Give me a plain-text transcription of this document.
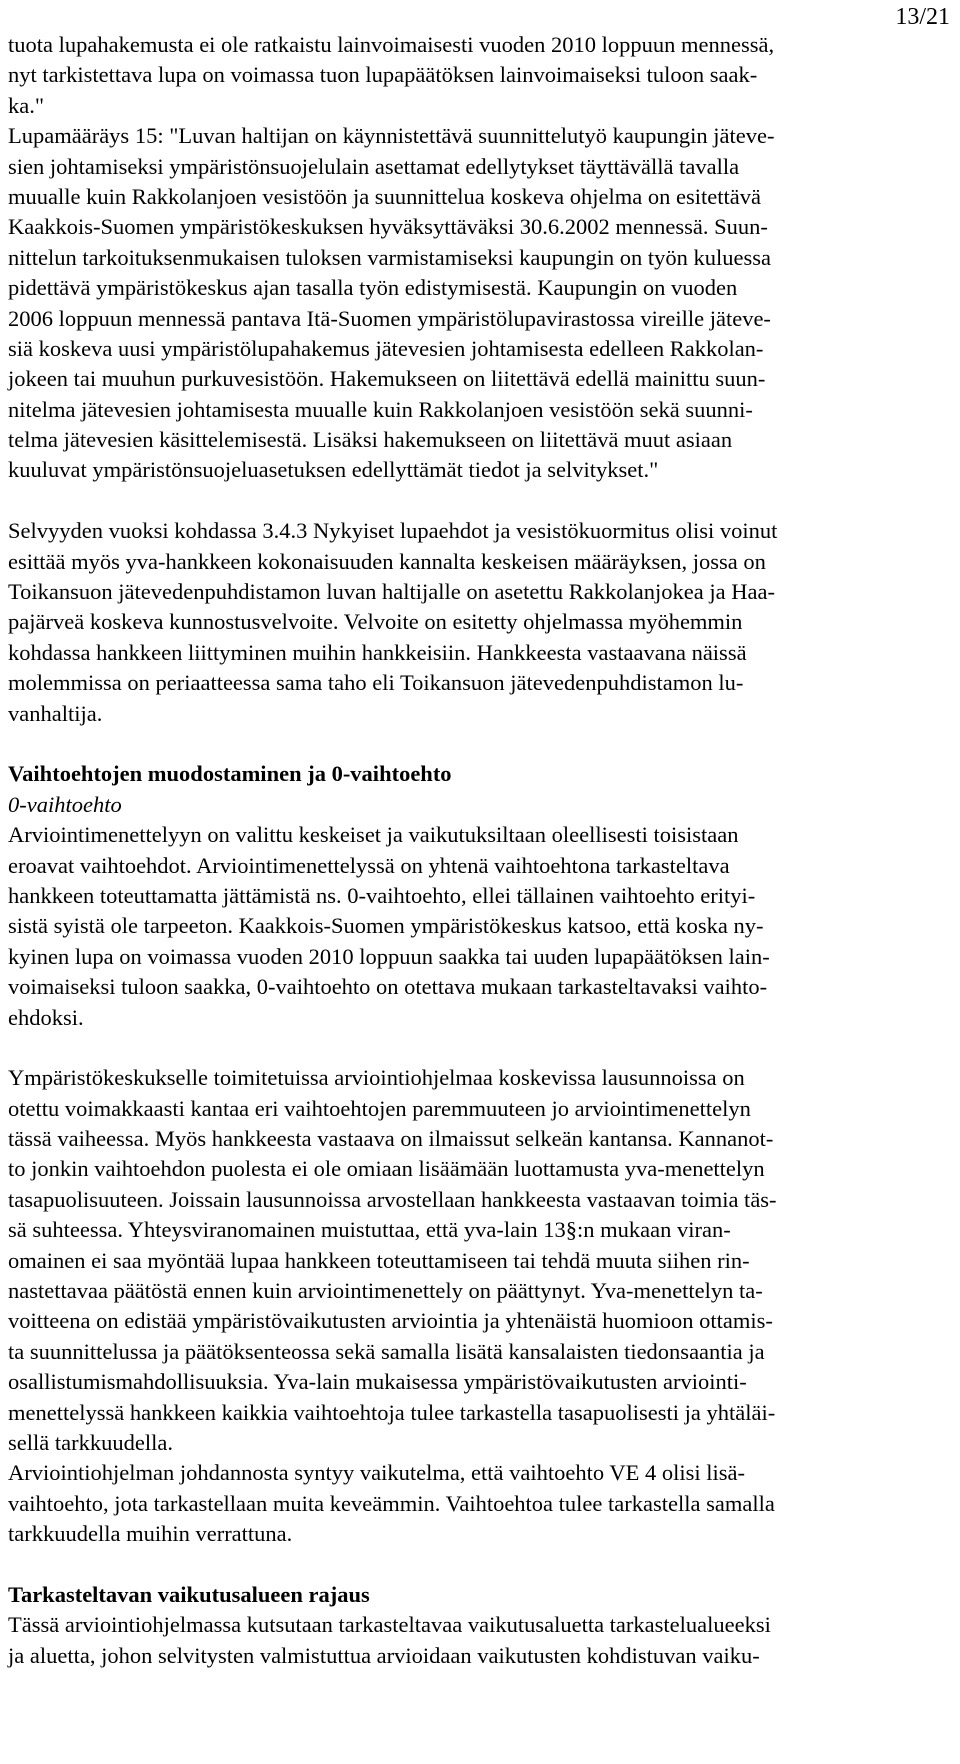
13/21
tuota lupahakemusta ei ole ratkaistu lainvoimaisesti vuoden 2010 loppuun mennessä,
nyt tarkistettava lupa on voimassa tuon lupapäätöksen lainvoimaiseksi tuloon saak-
ka."
Lupamääräys 15: "Luvan haltijan on käynnistettävä suunnittelutyö kaupungin jäteve-
sien johtamiseksi ympäristönsuojelulain asettamat edellytykset täyttävällä tavalla
muualle kuin Rakkolanjoen vesistöön ja suunnittelua koskeva ohjelma on esitettävä
Kaakkois-Suomen ympäristökeskuksen hyväksyttäväksi 30.6.2002 mennessä. Suun-
nittelun tarkoituksenmukaisen tuloksen varmistamiseksi kaupungin on työn kuluessa
pidettävä ympäristökeskus ajan tasalla työn edistymisestä. Kaupungin on vuoden
2006 loppuun mennessä pantava Itä-Suomen ympäristölupavirastossa vireille jäteve-
siä koskeva uusi ympäristölupahakemus jätevesien johtamisesta edelleen Rakkolan-
jokeen tai muuhun purkuvesistöön. Hakemukseen on liitettävä edellä mainittu suun-
nitelma jätevesien johtamisesta muualle kuin Rakkolanjoen vesistöön sekä suunni-
telma jätevesien käsittelemisestä. Lisäksi hakemukseen on liitettävä muut asiaan
kuuluvat ympäristönsuojeluasetuksen edellyttämät tiedot ja selvitykset."
Selvyyden vuoksi kohdassa 3.4.3 Nykyiset lupaehdot ja vesistökuormitus olisi voinut
esittää myös yva-hankkeen kokonaisuuden kannalta keskeisen määräyksen, jossa on
Toikansuon jätevedenpuhdistamon luvan haltijalle on asetettu Rakkolanjokea ja Haa-
pajärveä koskeva kunnostusvelvoite. Velvoite on esitetty ohjelmassa myöhemmin
kohdassa hankkeen liittyminen muihin hankkeisiin. Hankkeesta vastaavana näissä
molemmissa on periaatteessa sama taho eli Toikansuon jätevedenpuhdistamon lu-
vanhaltija.
Vaihtoehtojen muodostaminen ja 0-vaihtoehto
0-vaihtoehto
Arviointimenettelyyn on valittu keskeiset ja vaikutuksiltaan oleellisesti toisistaan
eroavat vaihtoehdot. Arviointimenettelyssä on yhtenä vaihtoehtona tarkasteltava
hankkeen toteuttamatta jättämistä ns. 0-vaihtoehto, ellei tällainen vaihtoehto erityi-
sistä syistä ole tarpeeton. Kaakkois-Suomen ympäristökeskus katsoo, että koska ny-
kyinen lupa on voimassa vuoden 2010 loppuun saakka tai uuden lupapäätöksen lain-
voimaiseksi tuloon saakka, 0-vaihtoehto on otettava mukaan tarkasteltavaksi vaihto-
ehdoksi.
Ympäristökeskukselle toimitetuissa arviointiohjelmaa koskevissa lausunnoissa on
otettu voimakkaasti kantaa eri vaihtoehtojen paremmuuteen jo arviointimenettelyn
tässä vaiheessa. Myös hankkeesta vastaava on ilmaissut selkeän kantansa. Kannanot-
to jonkin vaihtoehdon puolesta ei ole omiaan lisäämään luottamusta yva-menettelyn
tasapuolisuuteen. Joissain lausunnoissa arvostellaan hankkeesta vastaavan toimia täs-
sä suhteessa. Yhteysviranomainen muistuttaa, että yva-lain 13§:n mukaan viran-
omainen ei saa myöntää lupaa hankkeen toteuttamiseen tai tehdä muuta siihen rin-
nastettavaa päätöstä ennen kuin arviointimenettely on päättynyt. Yva-menettelyn ta-
voitteena on edistää ympäristövaikutusten arviointia ja yhtenäistä huomioon ottamis-
ta suunnittelussa ja päätöksenteossa sekä samalla lisätä kansalaisten tiedonsaantia ja
osallistumismahdollisuuksia. Yva-lain mukaisessa ympäristövaikutusten arviointi-
menettelyssä hankkeen kaikkia vaihtoehtoja tulee tarkastella tasapuolisesti ja yhtäläi-
sellä tarkkuudella.
Arviointiohjelman johdannosta syntyy vaikutelma, että vaihtoehto VE 4 olisi lisä-
vaihtoehto, jota tarkastellaan muita keveämmin. Vaihtoehtoa tulee tarkastella samalla
tarkkuudella muihin verrattuna.
Tarkasteltavan vaikutusalueen rajaus
Tässä arviointiohjelmassa kutsutaan tarkasteltavaa vaikutusaluetta tarkastelualueeksi
ja aluetta, johon selvitysten valmistuttua arvioidaan vaikutusten kohdistuvan vaiku-
